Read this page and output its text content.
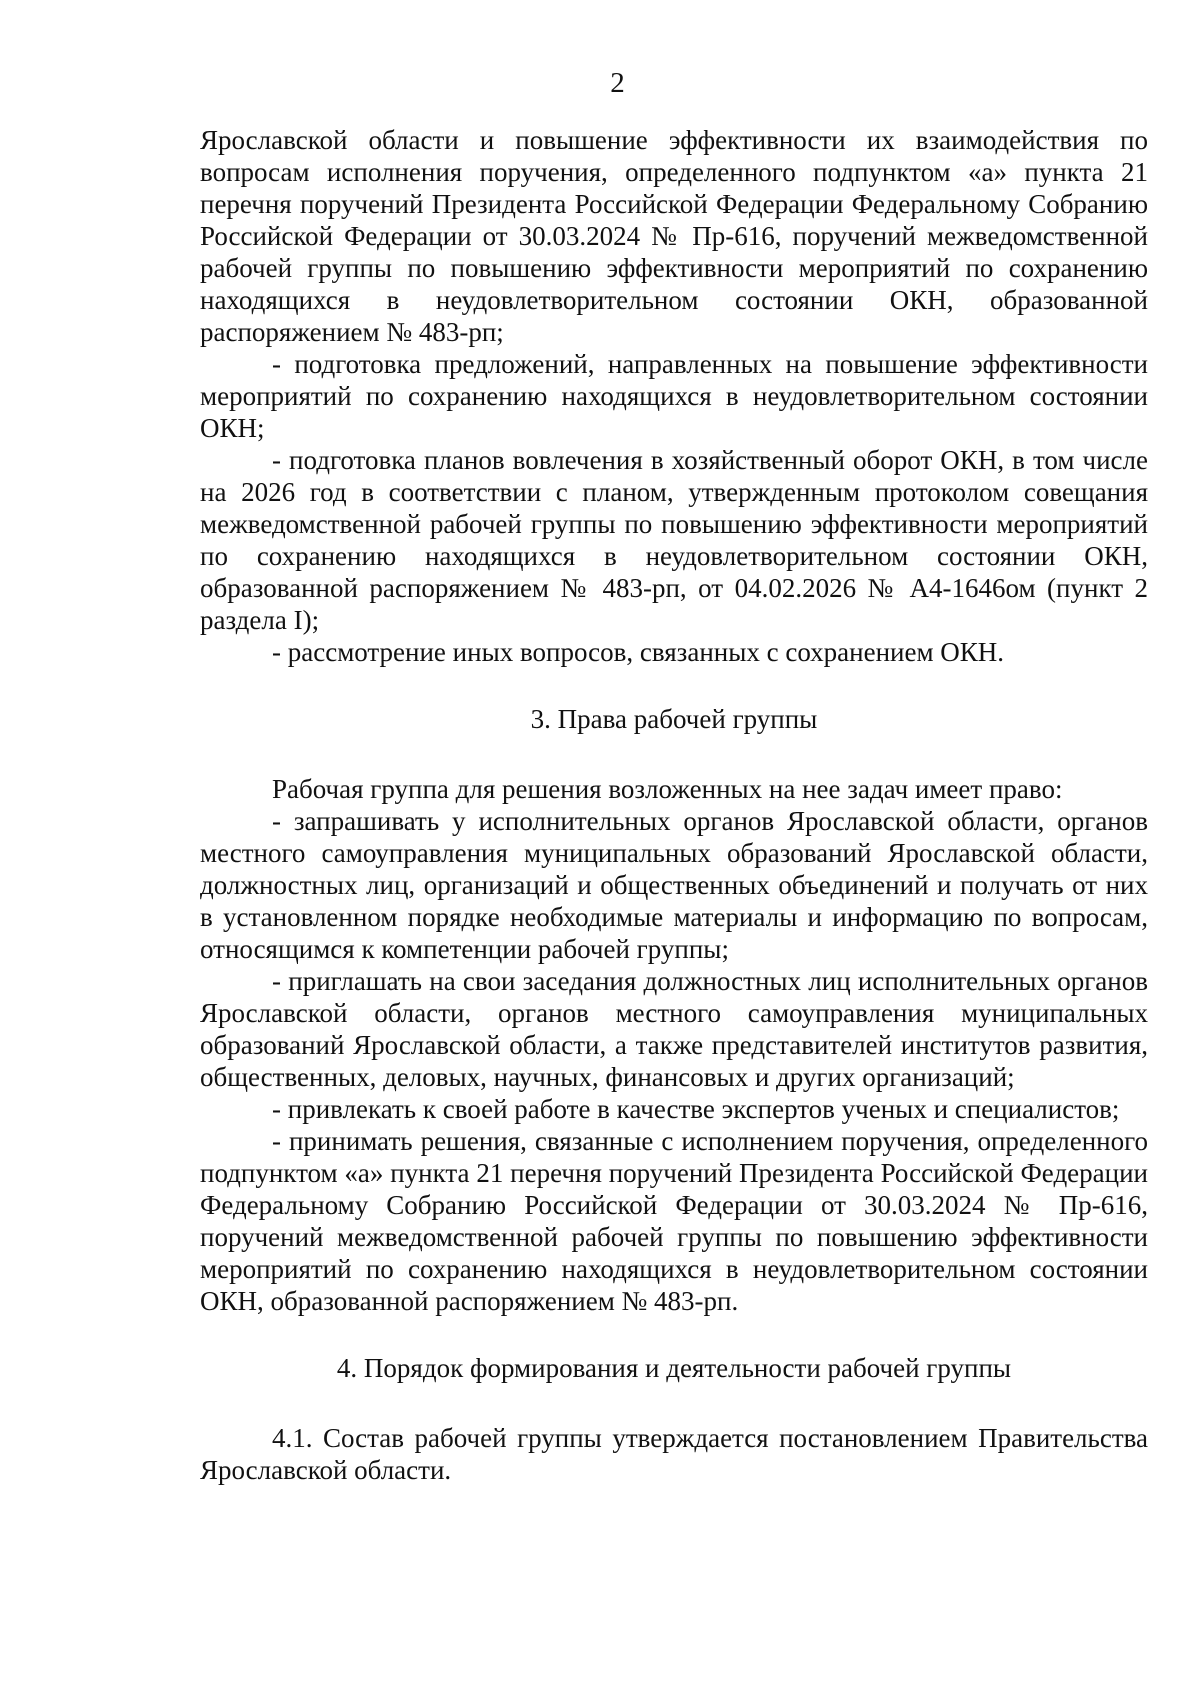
2

Ярославской области и повышение эффективности их взаимодействия по вопросам исполнения поручения, определенного подпунктом «а» пункта 21 перечня поручений Президента Российской Федерации Федеральному Собранию Российской Федерации от 30.03.2024 № Пр-616, поручений межведомственной рабочей группы по повышению эффективности мероприятий по сохранению находящихся в неудовлетворительном состоянии ОКН, образованной распоряжением № 483-рп;

- подготовка предложений, направленных на повышение эффективности мероприятий по сохранению находящихся в неудовлетворительном состоянии ОКН;

- подготовка планов вовлечения в хозяйственный оборот ОКН, в том числе на 2026 год в соответствии с планом, утвержденным протоколом совещания межведомственной рабочей группы по повышению эффективности мероприятий по сохранению находящихся в неудовлетворительном состоянии ОКН, образованной распоряжением № 483-рп, от 04.02.2026 № А4-1646ом (пункт 2 раздела I);

- рассмотрение иных вопросов, связанных с сохранением ОКН.

3. Права рабочей группы

Рабочая группа для решения возложенных на нее задач имеет право:

- запрашивать у исполнительных органов Ярославской области, органов местного самоуправления муниципальных образований Ярославской области, должностных лиц, организаций и общественных объединений и получать от них в установленном порядке необходимые материалы и информацию по вопросам, относящимся к компетенции рабочей группы;

- приглашать на свои заседания должностных лиц исполнительных органов Ярославской области, органов местного самоуправления муниципальных образований Ярославской области, а также представителей институтов развития, общественных, деловых, научных, финансовых и других организаций;

- привлекать к своей работе в качестве экспертов ученых и специалистов;

- принимать решения, связанные с исполнением поручения, определенного подпунктом «а» пункта 21 перечня поручений Президента Российской Федерации Федеральному Собранию Российской Федерации от 30.03.2024 № Пр-616, поручений межведомственной рабочей группы по повышению эффективности мероприятий по сохранению находящихся в неудовлетворительном состоянии ОКН, образованной распоряжением № 483-рп.

4. Порядок формирования и деятельности рабочей группы

4.1. Состав рабочей группы утверждается постановлением Правительства Ярославской области.
